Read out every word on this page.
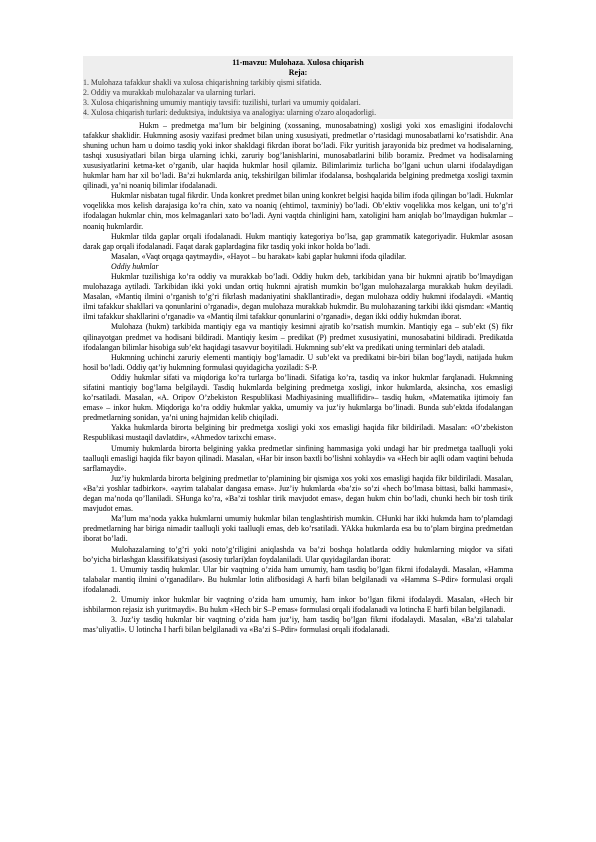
11-mavzu: Mulohaza. Xulosa chiqarish

Reja:

1. Mulohaza tafakkur shakli va xulosa chiqarishning tarkibiy qismi sifatida.

2. Oddiy va murakkab mulohazalar va ularning turlari.

3. Xulosa chiqarishning umumiy mantiqiy tavsifi: tuzilishi, turlari va umumiy qoidalari.

4. Xulosa chiqarish turlari: deduktsiya, induktsiya va analogiya: ularning o'zaro aloqadorligi.

Hukm – predmetga ma’lum bir belgining (xossaning, munosabatning) xosligi yoki xos emasligini ifodalovchi tafakkur shaklidir. Hukmning asosiy vazifasi predmet bilan uning xususiyati, predmetlar o’rtasidagi munosabatlarni ko’rsatishdir. Ana shuning uchun ham u doimo tasdiq yoki inkor shakldagi fikrdan iborat bo’ladi. Fikr yuritish jarayonida biz predmet va hodisalarning, tashqi xususiyatlari bilan birga ularning ichki, zaruriy bog’lanishlarini, munosabatlarini bilib boramiz. Predmet va hodisalarning xususiyatlarini ketma-ket o’rganib, ular haqida hukmlar hosil qilamiz. Bilimlarimiz turlicha bo’lgani uchun ularni ifodalaydigan hukmlar ham har xil bo’ladi. Ba’zi hukmlarda aniq, tekshirilgan bilimlar ifodalansa, boshqalarida belgining predmetga xosligi taxmin qilinadi, ya’ni noaniq bilimlar ifodalanadi.

Hukmlar nisbatan tugal fikrdir. Unda konkret predmet bilan uning konkret belgisi haqida bilim ifoda qilingan bo’ladi. Hukmlar voqelikka mos kelish darajasiga ko’ra chin, xato va noaniq (ehtimol, taxminiy) bo’ladi. Ob’ektiv voqelikka mos kelgan, uni to’g’ri ifodalagan hukmlar chin, mos kelmaganlari xato bo’ladi. Ayni vaqtda chinligini ham, xatoligini ham aniqlab bo’lmaydigan hukmlar – noaniq hukmlardir.

Hukmlar tilda gaplar orqali ifodalanadi. Hukm mantiqiy kategoriya bo’lsa, gap grammatik kategoriyadir. Hukmlar asosan darak gap orqali ifodalanadi. Faqat darak gaplardagina fikr tasdiq yoki inkor holda bo’ladi.

Masalan, «Vaqt orqaga qaytmaydi», «Hayot – bu harakat» kabi gaplar hukmni ifoda qiladilar.

Oddiy hukmlar

Hukmlar tuzilishiga ko’ra oddiy va murakkab bo’ladi. Oddiy hukm deb, tarkibidan yana bir hukmni ajratib bo’lmaydigan mulohazaga aytiladi. Tarkibidan ikki yoki undan ortiq hukmni ajratish mumkin bo’lgan mulohazalarga murakkab hukm deyiladi. Masalan, «Mantiq ilmini o’rganish to’g’ri fikrlash madaniyatini shakllantiradi», degan mulohaza oddiy hukmni ifodalaydi. «Mantiq ilmi tafakkur shakllari va qonunlarini o’rganadi», degan mulohaza murakkab hukmdir. Bu mulohazaning tarkibi ikki qismdan: «Mantiq ilmi tafakkur shakllarini o’rganadi» va «Mantiq ilmi tafakkur qonunlarini o’rganadi», degan ikki oddiy hukmdan iborat.

Mulohaza (hukm) tarkibida mantiqiy ega va mantiqiy kesimni ajratib ko’rsatish mumkin. Mantiqiy ega – sub’ekt (S) fikr qilinayotgan predmet va hodisani bildiradi. Mantiqiy kesim – predikat (P) predmet xususiyatini, munosabatini bildiradi. Predikatda ifodalangan bilimlar hisobiga sub’ekt haqidagi tasavvur boyitiladi. Hukmning sub’ekt va predikati uning terminlari deb ataladi.

Hukmning uchinchi zaruriy elementi mantiqiy bog’lamadir. U sub’ekt va predikatni bir-biri bilan bog’laydi, natijada hukm hosil bo’ladi. Oddiy qat’iy hukmning formulasi quyidagicha yoziladi: S-P.

Oddiy hukmlar sifati va miqdoriga ko’ra turlarga bo’linadi. Sifatiga ko’ra, tasdiq va inkor hukmlar farqlanadi. Hukmning sifatini mantiqiy bog’lama belgilaydi. Tasdiq hukmlarda belgining predmetga xosligi, inkor hukmlarda, aksincha, xos emasligi ko’rsatiladi. Masalan, «A. Oripov O’zbekiston Respublikasi Madhiyasining muallifidir»– tasdiq hukm, «Matematika ijtimoiy fan emas» – inkor hukm. Miqdoriga ko’ra oddiy hukmlar yakka, umumiy va juz’iy hukmlarga bo’linadi. Bunda sub’ektda ifodalangan predmetlarning sonidan, ya’ni uning hajmidan kelib chiqiladi.

Yakka hukmlarda birorta belgining bir predmetga xosligi yoki xos emasligi haqida fikr bildiriladi. Masalan: «O’zbekiston Respublikasi mustaqil davlatdir», «Ahmedov tarixchi emas».

Umumiy hukmlarda birorta belgining yakka predmetlar sinfining hammasiga yoki undagi har bir predmetga taalluqli yoki taalluqli emasligi haqida fikr bayon qilinadi. Masalan, «Har bir inson baxtli bo’lishni xohlaydi» va «Hech bir aqlli odam vaqtini behuda sarflamaydi».

Juz’iy hukmlarda birorta belgining predmetlar to’plamining bir qismiga xos yoki xos emasligi haqida fikr bildiriladi. Masalan, «Ba’zi yoshlar tadbirkor». «ayrim talabalar dangasa emas». Juz’iy hukmlarda «ba’zi» so’zi «hech bo’lmasa bittasi, balki hammasi», degan ma’noda qo’llaniladi. SHunga ko’ra, «Ba’zi toshlar tirik mavjudot emas», degan hukm chin bo’ladi, chunki hech bir tosh tirik mavjudot emas.

Ma’lum ma’noda yakka hukmlarni umumiy hukmlar bilan tenglashtirish mumkin. CHunki har ikki hukmda ham to’plamdagi predmetlarning har biriga nimadir taalluqli yoki taalluqli emas, deb ko’rsatiladi. YAkka hukmlarda esa bu to’plam birgina predmetdan iborat bo’ladi.

Mulohazalarning to’g’ri yoki noto’g’riligini aniqlashda va ba’zi boshqa holatlarda oddiy hukmlarning miqdor va sifati bo’yicha birlashgan klassifikatsiyasi (asosiy turlari)dan foydalaniladi. Ular quyidagilardan iborat:

1. Umumiy tasdiq hukmlar. Ular bir vaqtning o’zida ham umumiy, ham tasdiq bo’lgan fikrni ifodalaydi. Masalan, «Hamma talabalar mantiq ilmini o’rganadilar». Bu hukmlar lotin alifbosidagi A harfi bilan belgilanadi va «Hamma S–Pdir» formulasi orqali ifodalanadi.

2. Umumiy inkor hukmlar bir vaqtning o’zida ham umumiy, ham inkor bo’lgan fikrni ifodalaydi. Masalan, «Hech bir ishbilarmon rejasiz ish yuritmaydi». Bu hukm «Hech bir S–P emas» formulasi orqali ifodalanadi va lotincha E harfi bilan belgilanadi.

3. Juz’iy tasdiq hukmlar bir vaqtning o’zida ham juz’iy, ham tasdiq bo’lgan fikrni ifodalaydi. Masalan, «Ba’zi talabalar mas’uliyatli». U lotincha I harfi bilan belgilanadi va «Ba’zi S–Pdir» formulasi orqali ifodalanadi.
